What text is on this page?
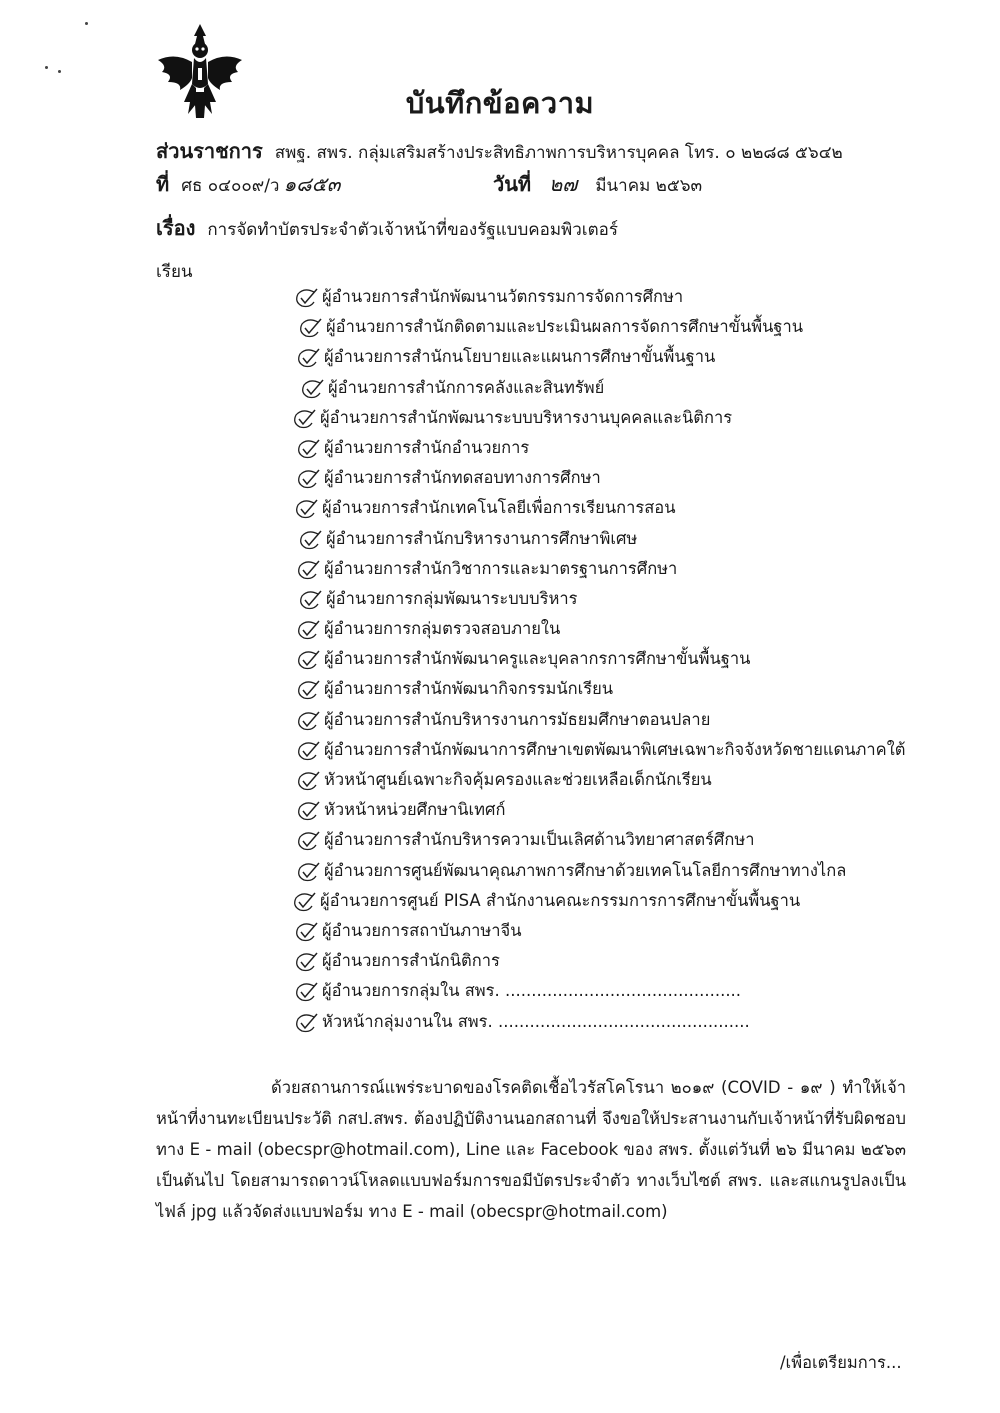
บันทึกข้อความ
ส่วนราชการ สพฐ. สพร. กลุ่มเสริมสร้างประสิทธิภาพการบริหารบุคคล โทร. ๐ ๒๒๘๘ ๕๖๔๒
ที่ ศธ ๐๔๐๐๙/ว ๑๘๕๓	วันที่ ๒๗ มีนาคม ๒๕๖๓
เรื่อง การจัดทำบัตรประจำตัวเจ้าหน้าที่ของรัฐแบบคอมพิวเตอร์
เรียน
ผู้อำนวยการสำนักพัฒนานวัตกรรมการจัดการศึกษา
ผู้อำนวยการสำนักติดตามและประเมินผลการจัดการศึกษาขั้นพื้นฐาน
ผู้อำนวยการสำนักนโยบายและแผนการศึกษาขั้นพื้นฐาน
ผู้อำนวยการสำนักการคลังและสินทรัพย์
ผู้อำนวยการสำนักพัฒนาระบบบริหารงานบุคคลและนิติการ
ผู้อำนวยการสำนักอำนวยการ
ผู้อำนวยการสำนักทดสอบทางการศึกษา
ผู้อำนวยการสำนักเทคโนโลยีเพื่อการเรียนการสอน
ผู้อำนวยการสำนักบริหารงานการศึกษาพิเศษ
ผู้อำนวยการสำนักวิชาการและมาตรฐานการศึกษา
ผู้อำนวยการกลุ่มพัฒนาระบบบริหาร
ผู้อำนวยการกลุ่มตรวจสอบภายใน
ผู้อำนวยการสำนักพัฒนาครูและบุคลากรการศึกษาขั้นพื้นฐาน
ผู้อำนวยการสำนักพัฒนากิจกรรมนักเรียน
ผู้อำนวยการสำนักบริหารงานการมัธยมศึกษาตอนปลาย
ผู้อำนวยการสำนักพัฒนาการศึกษาเขตพัฒนาพิเศษเฉพาะกิจจังหวัดชายแดนภาคใต้
หัวหน้าศูนย์เฉพาะกิจคุ้มครองและช่วยเหลือเด็กนักเรียน
หัวหน้าหน่วยศึกษานิเทศก์
ผู้อำนวยการสำนักบริหารความเป็นเลิศด้านวิทยาศาสตร์ศึกษา
ผู้อำนวยการศูนย์พัฒนาคุณภาพการศึกษาด้วยเทคโนโลยีการศึกษาทางไกล
ผู้อำนวยการศูนย์ PISA สำนักงานคณะกรรมการการศึกษาขั้นพื้นฐาน
ผู้อำนวยการสถาบันภาษาจีน
ผู้อำนวยการสำนักนิติการ
ผู้อำนวยการกลุ่มใน สพร. .............................................
หัวหน้ากลุ่มงานใน สพร. ................................................

ด้วยสถานการณ์แพร่ระบาดของโรคติดเชื้อไวรัสโคโรนา ๒๐๑๙ (COVID - ๑๙ ) ทำให้เจ้าหน้าที่งานทะเบียนประวัติ กสป.สพร. ต้องปฏิบัติงานนอกสถานที่ จึงขอให้ประสานงานกับเจ้าหน้าที่รับผิดชอบทาง E - mail (obecspr@hotmail.com), Line และ Facebook ของ สพร. ตั้งแต่วันที่ ๒๖ มีนาคม ๒๕๖๓ เป็นต้นไป โดยสามารถดาวน์โหลดแบบฟอร์มการขอมีบัตรประจำตัว ทางเว็บไซต์ สพร. และสแกนรูปลงเป็นไฟล์ jpg แล้วจัดส่งแบบฟอร์ม ทาง E - mail (obecspr@hotmail.com)

/เพื่อเตรียมการ...
